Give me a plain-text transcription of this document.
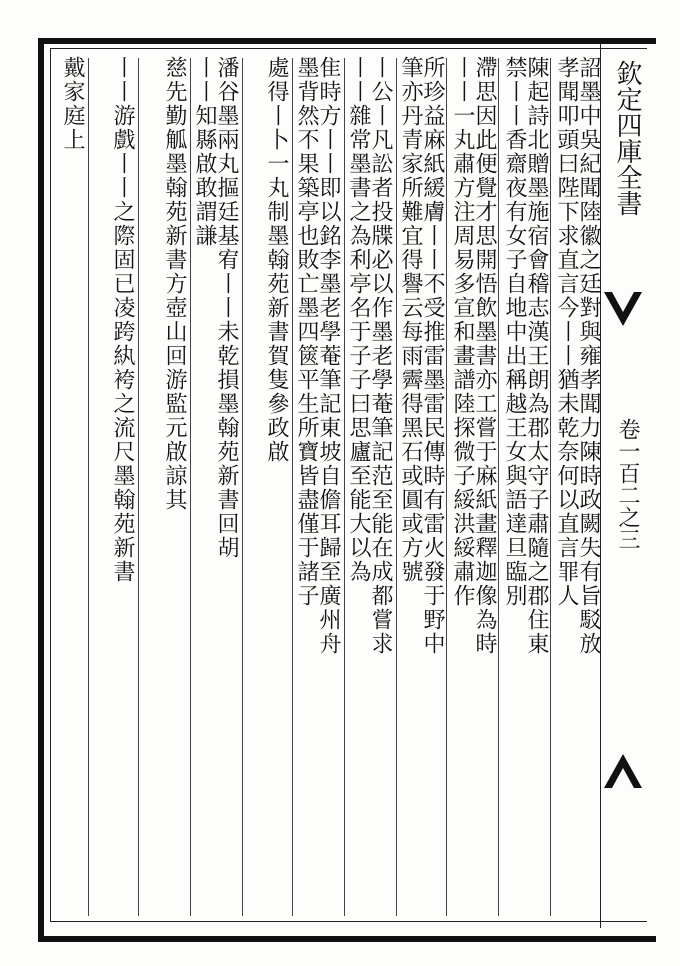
欽定四庫全書
卷一百二之三
詔墨中吳紀聞陸徽之廷對與雍孝聞力陳時政闕失有旨駁放
孝聞叩頭曰陛下求直言今丨丨猶未乾奈何以直言罪人
陳起詩北贈墨施宿會稽志漢王朗為郡太守子肅隨之郡住東
禁丨丨香齋夜有女子自地中出稱越王女與語達旦臨別
滯思因此便覺才思開悟飲墨書亦工嘗于麻紙畫釋迦像為時
丨丨一丸肅方注周易多宣和畫譜陸探微子綏洪綏肅作
所珍益麻紙緩膚丨丨不受推雷墨雷民傳時有雷火發于野中
筆亦丹青家所難宜得譽云每雨霽得黑石或圓或方號
丨公丨凡訟者投牒必以作墨老學菴筆記范至能在成都嘗求
丨丨雜常墨書之為利亭名于子子曰思廬至能大以為
隹時方丨丨即以銘李墨老學菴筆記東坡自儋耳歸至廣州舟
墨背然不果築亭也敗亡墨四篋平生所寶皆盡僅于諸子
處得丨卜一丸制墨翰苑新書賀隻參政啟
潘谷墨兩丸摳廷基宥丨丨未乾損墨翰苑新書回胡
丨丨知縣啟敢謂謙
慈先勤觚墨翰苑新書方壺山回游監元啟諒其
丨丨游戲丨丨之際固已凌跨紈袴之流尺墨翰苑新書
戴家庭上
